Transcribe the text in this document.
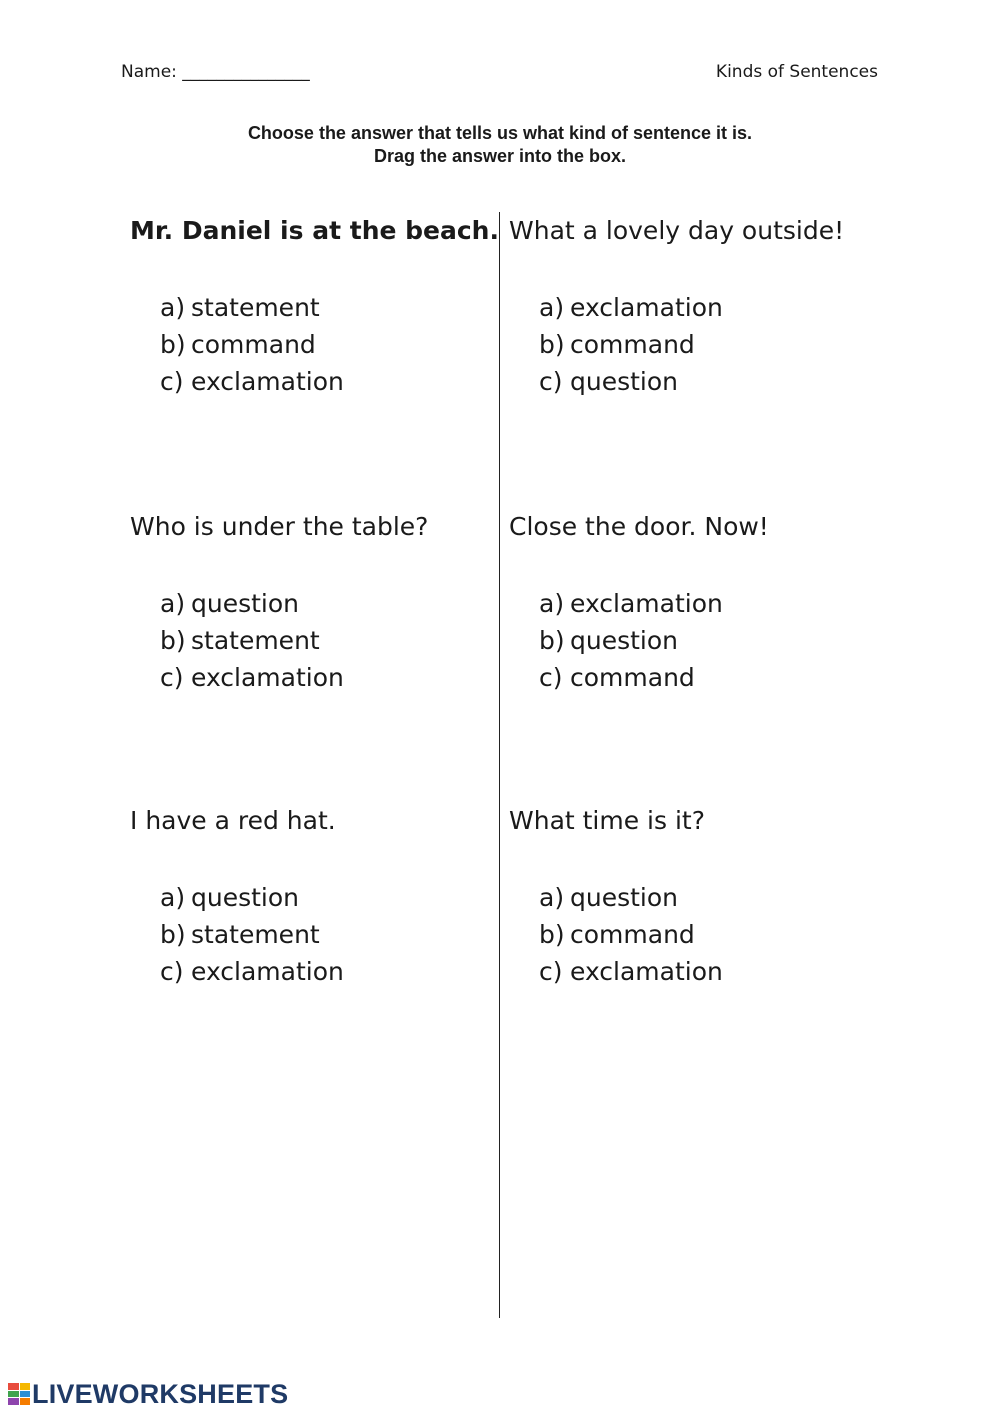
Name: _______________	Kinds of Sentences
Choose the answer that tells us what kind of sentence it is.
Drag the answer into the box.
Mr. Daniel is at the beach.
a) statement
b) command
c) exclamation
What a lovely day outside!
a) exclamation
b) command
c) question
Who is under the table?
a) question
b) statement
c) exclamation
Close the door. Now!
a) exclamation
b) question
c) command
I have a red hat.
a) question
b) statement
c) exclamation
What time is it?
a) question
b) command
c) exclamation
LIVEWORKSHEETS
